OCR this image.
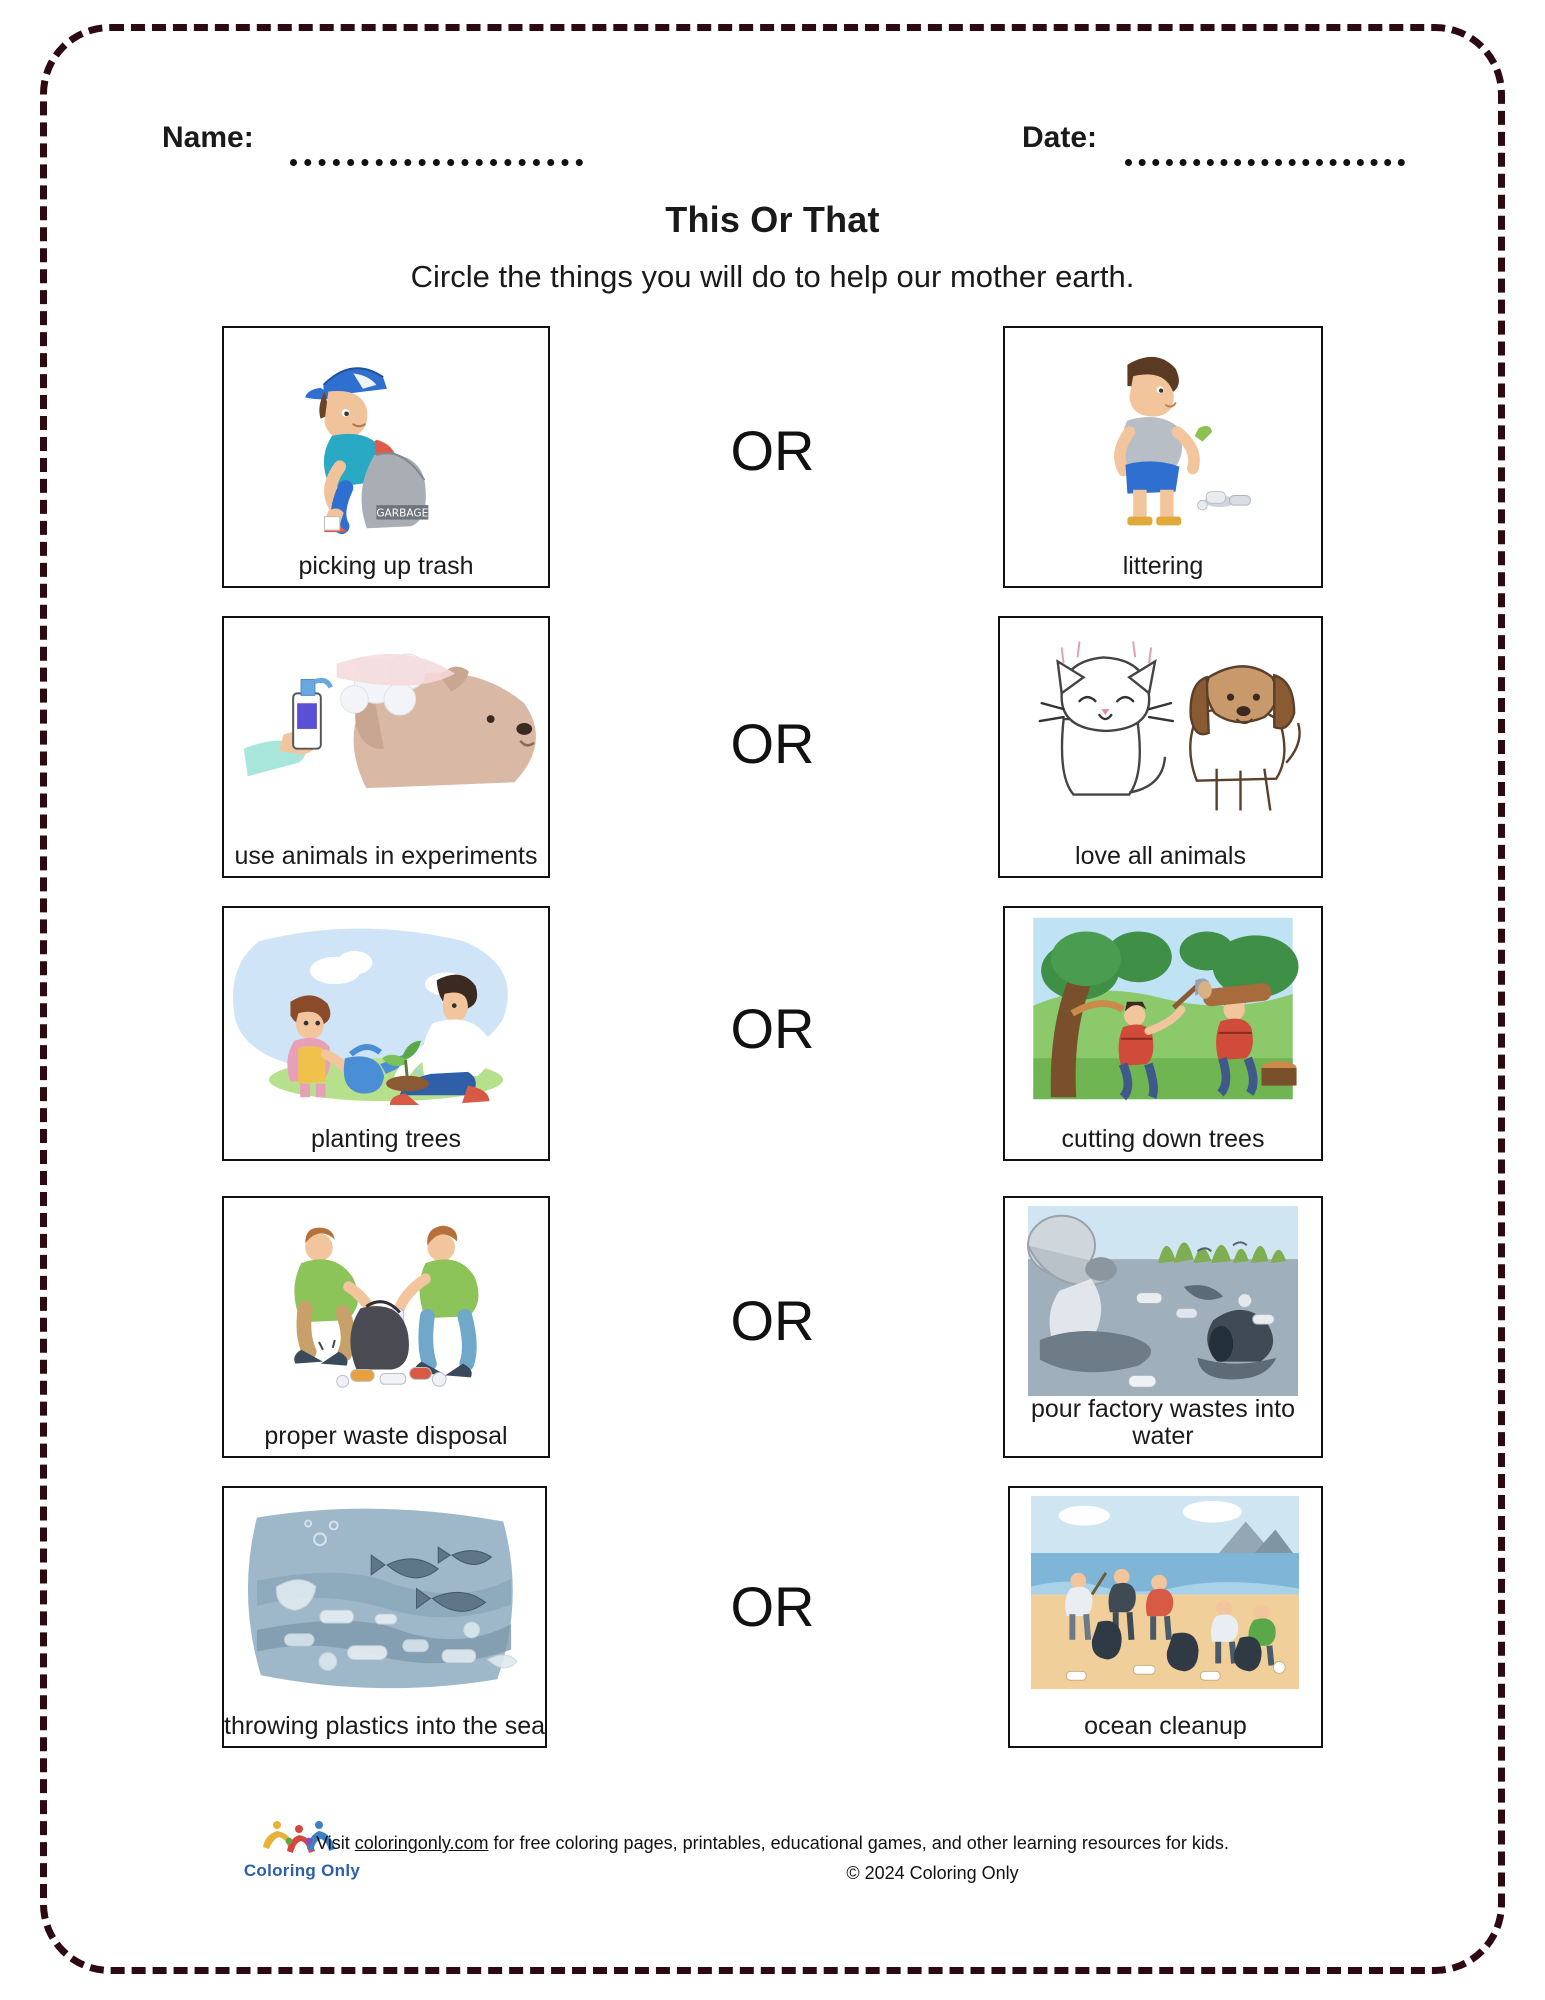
Name:	Date:
This Or That
Circle the things you will do to help our mother earth.
GARBAGE
picking up trash
OR
littering
use animals in experiments
OR
love all animals
planting trees
OR
cutting down trees
proper waste disposal
OR
pour factory wastes into water
throwing plastics into the sea
OR
ocean cleanup
Coloring Only
Visit coloringonly.com for free coloring pages, printables, educational games, and other learning resources for kids.
© 2024 Coloring Only
